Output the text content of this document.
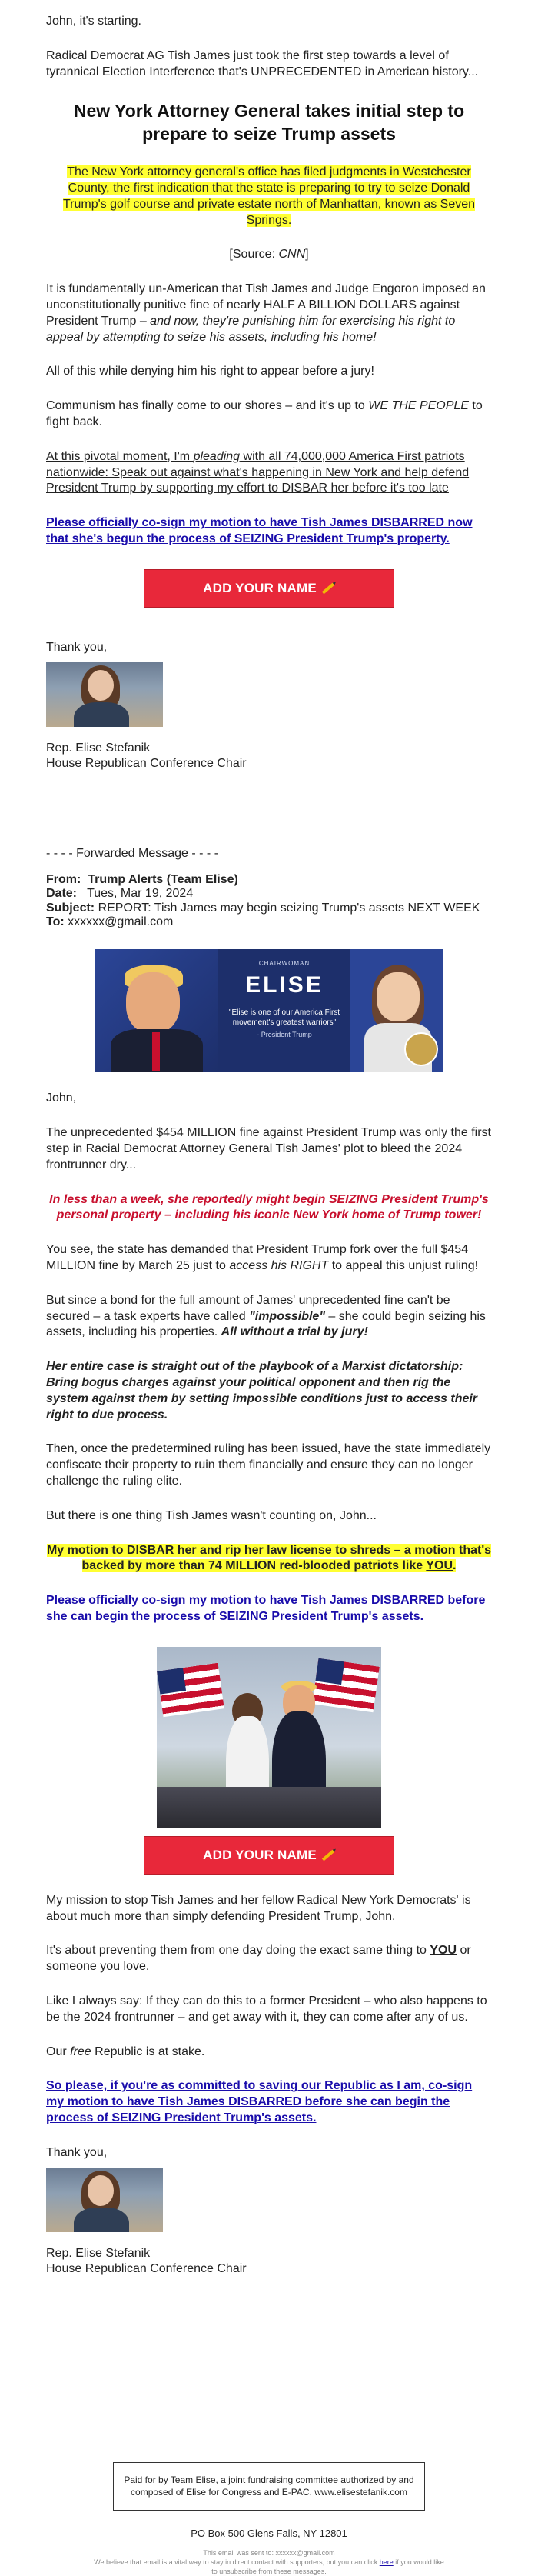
John, it's starting.

Radical Democrat AG Tish James just took the first step towards a level of tyrannical Election Interference that's UNPRECEDENTED in American history...

New York Attorney General takes initial step to prepare to seize Trump assets

The New York attorney general's office has filed judgments in Westchester County, the first indication that the state is preparing to try to seize Donald Trump's golf course and private estate north of Manhattan, known as Seven Springs.

[Source: CNN]

It is fundamentally un-American that Tish James and Judge Engoron imposed an unconstitutionally punitive fine of nearly HALF A BILLION DOLLARS against President Trump – and now, they're punishing him for exercising his right to appeal by attempting to seize his assets, including his home!

All of this while denying him his right to appear before a jury!

Communism has finally come to our shores – and it's up to WE THE PEOPLE to fight back.

At this pivotal moment, I'm pleading with all 74,000,000 America First patriots nationwide: Speak out against what's happening in New York and help defend President Trump by supporting my effort to DISBAR her before it's too late

Please officially co-sign my motion to have Tish James DISBARRED now that she's begun the process of SEIZING President Trump's property.

ADD YOUR NAME

Thank you,

Rep. Elise Stefanik

House Republican Conference Chair

- - - - Forwarded Message - - - -

From: Trump Alerts (Team Elise)
Date: Tues, Mar 19, 2024
Subject: REPORT: Tish James may begin seizing Trump's assets NEXT WEEK
To: xxxxxx@gmail.com
CHAIRWOMAN
ELISE
"Elise is one of our America First movement's greatest warriors"
- President Trump

John,

The unprecedented $454 MILLION fine against President Trump was only the first step in Racial Democrat Attorney General Tish James' plot to bleed the 2024 frontrunner dry...

In less than a week, she reportedly might begin SEIZING President Trump's personal property – including his iconic New York home of Trump tower!

You see, the state has demanded that President Trump fork over the full $454 MILLION fine by March 25 just to access his RIGHT to appeal this unjust ruling!

But since a bond for the full amount of James' unprecedented fine can't be secured – a task experts have called "impossible" – she could begin seizing his assets, including his properties. All without a trial by jury!

Her entire case is straight out of the playbook of a Marxist dictatorship: Bring bogus charges against your political opponent and then rig the system against them by setting impossible conditions just to access their right to due process.

Then, once the predetermined ruling has been issued, have the state immediately confiscate their property to ruin them financially and ensure they can no longer challenge the ruling elite.

But there is one thing Tish James wasn't counting on, John...

My motion to DISBAR her and rip her law license to shreds – a motion that's backed by more than 74 MILLION red-blooded patriots like YOU.

Please officially co-sign my motion to have Tish James DISBARRED before she can begin the process of SEIZING President Trump's assets.

ADD YOUR NAME

My mission to stop Tish James and her fellow Radical New York Democrats' is about much more than simply defending President Trump, John.

It's about preventing them from one day doing the exact same thing to YOU or someone you love.

Like I always say: If they can do this to a former President – who also happens to be the 2024 frontrunner – and get away with it, they can come after any of us.

Our free Republic is at stake.

So please, if you're as committed to saving our Republic as I am, co-sign my motion to have Tish James DISBARRED before she can begin the process of SEIZING President Trump's assets.

Thank you,

Rep. Elise Stefanik

House Republican Conference Chair

Paid for by Team Elise, a joint fundraising committee authorized by and composed of Elise for Congress and E-PAC. www.elisestefanik.com

PO Box 500 Glens Falls, NY 12801

This email was sent to: xxxxxx@gmail.com
We believe that email is a vital way to stay in direct contact with supporters, but you can click here if you would like to unsubscribe from these messages.
